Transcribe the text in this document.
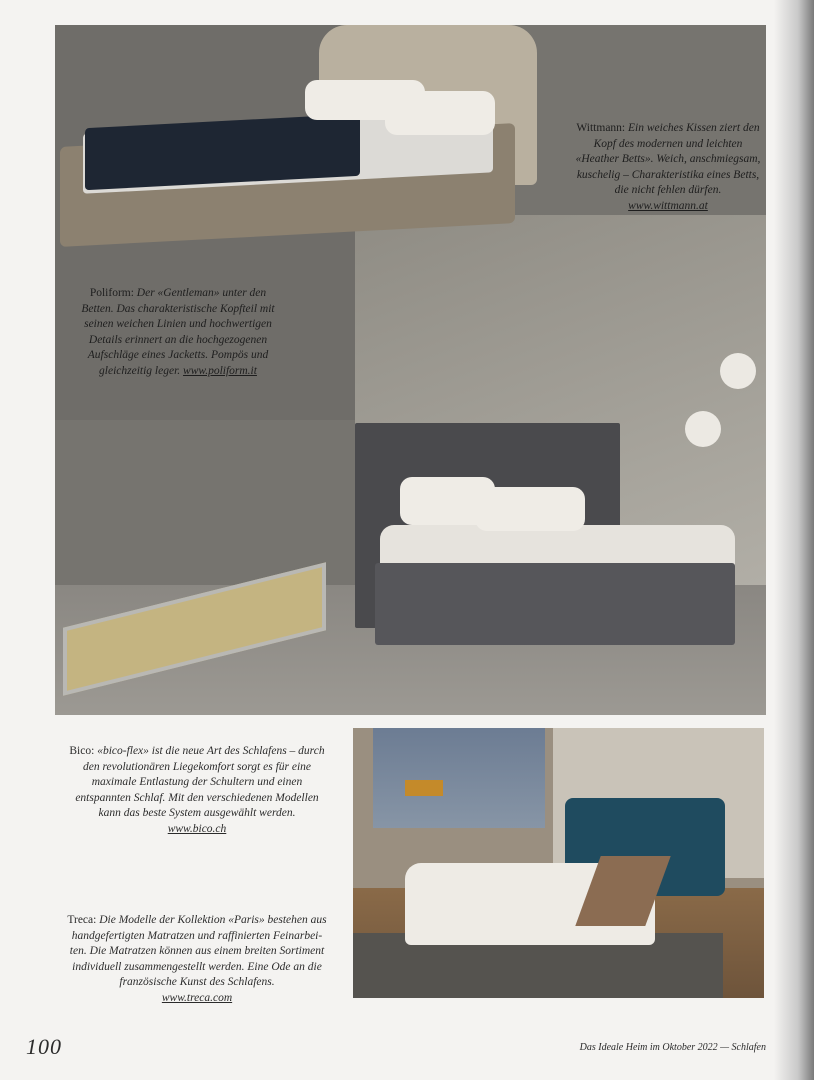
Wittmann: Ein weiches Kissen ziert den
Kopf des modernen und leichten
«Heather Betts». Weich, anschmiegsam,
kuschelig – Charakteristika eines Betts,
die nicht fehlen dürfen.
www.wittmann.at
Poliform: Der «Gentleman» unter den
Betten. Das charakteristische Kopfteil mit
seinen weichen Linien und hochwertigen
Details erinnert an die hochgezogenen
Aufschläge eines Jacketts. Pompös und
gleichzeitig leger. www.poliform.it
Bico: «bico-flex» ist die neue Art des Schlafens – durch
den revolutionären Liegekomfort sorgt es für eine
maximale Entlastung der Schultern und einen
entspannten Schlaf. Mit den verschiedenen Modellen
kann das beste System ausgewählt werden.
www.bico.ch
Treca: Die Modelle der Kollektion «Paris» bestehen aus
handgefertigten Matratzen und raffinierten Feinarbei-
ten. Die Matratzen können aus einem breiten Sortiment
individuell zusammengestellt werden. Eine Ode an die
französische Kunst des Schlafens.
www.treca.com
100	Das Ideale Heim im Oktober 2022 — Schlafen
